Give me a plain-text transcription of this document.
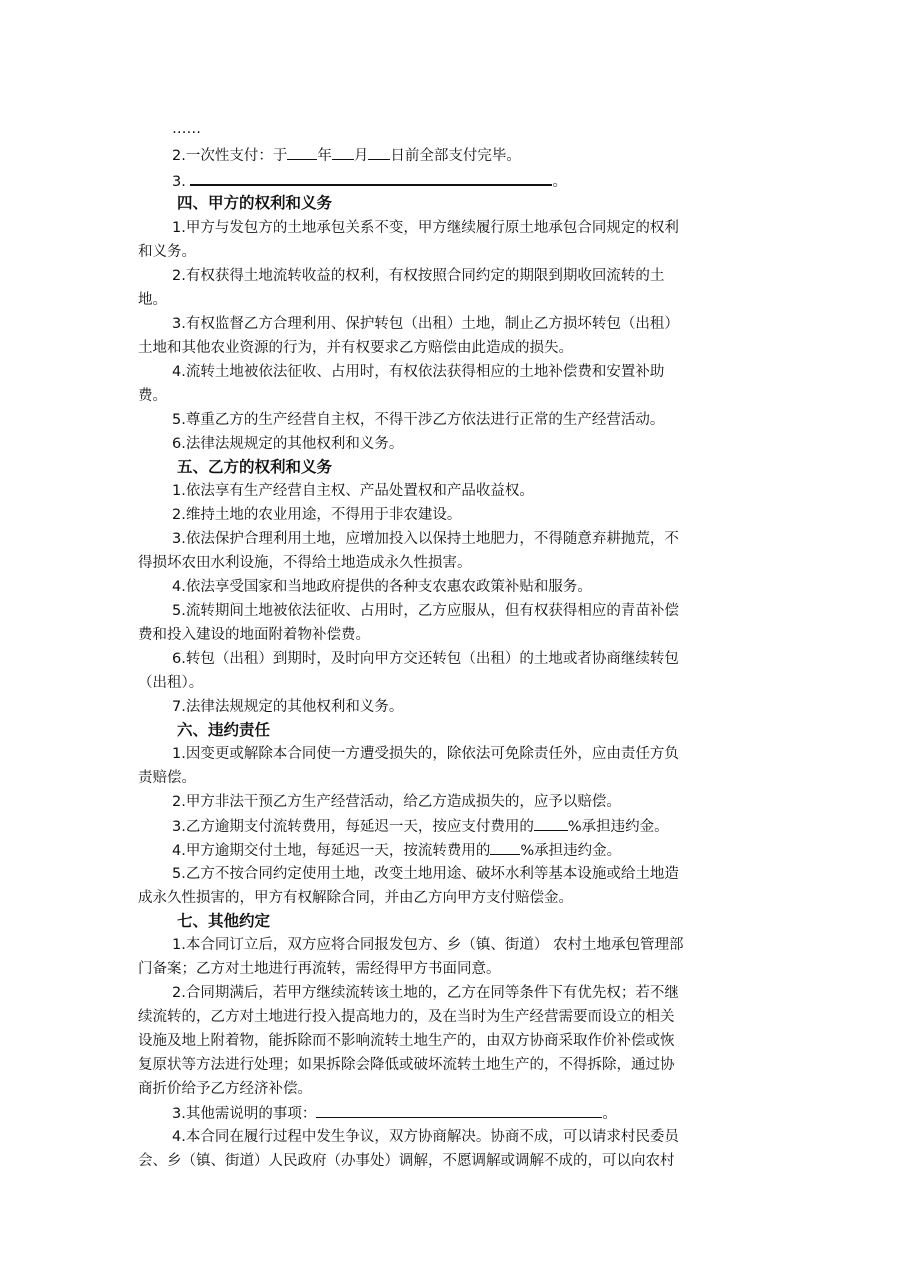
……
2.一次性支付：于 年 月 日前全部支付完毕。
3.	。
四、甲方的权利和义务
1.甲方与发包方的土地承包关系不变，甲方继续履行原土地承包合同规定的权利
和义务。
2.有权获得土地流转收益的权利，有权按照合同约定的期限到期收回流转的土
地。
3.有权监督乙方合理利用、保护转包（出租）土地，制止乙方损坏转包（出租）
土地和其他农业资源的行为，并有权要求乙方赔偿由此造成的损失。
4.流转土地被依法征收、占用时，有权依法获得相应的土地补偿费和安置补助
费。
5.尊重乙方的生产经营自主权，不得干涉乙方依法进行正常的生产经营活动。
6.法律法规规定的其他权利和义务。
五、乙方的权利和义务
1.依法享有生产经营自主权、产品处置权和产品收益权。
2.维持土地的农业用途，不得用于非农建设。
3.依法保护合理利用土地，应增加投入以保持土地肥力，不得随意弃耕抛荒，不
得损坏农田水利设施，不得给土地造成永久性损害。
4.依法享受国家和当地政府提供的各种支农惠农政策补贴和服务。
5.流转期间土地被依法征收、占用时，乙方应服从，但有权获得相应的青苗补偿
费和投入建设的地面附着物补偿费。
6.转包（出租）到期时，及时向甲方交还转包（出租）的土地或者协商继续转包
（出租）。
7.法律法规规定的其他权利和义务。
六、违约责任
1.因变更或解除本合同使一方遭受损失的，除依法可免除责任外，应由责任方负
责赔偿。
2.甲方非法干预乙方生产经营活动，给乙方造成损失的，应予以赔偿。
3.乙方逾期支付流转费用，每延迟一天，按应支付费用的 %承担违约金。
4.甲方逾期交付土地，每延迟一天，按流转费用的 %承担违约金。
5.乙方不按合同约定使用土地，改变土地用途、破坏水利等基本设施或给土地造
成永久性损害的，甲方有权解除合同，并由乙方向甲方支付赔偿金。
七、其他约定
1.本合同订立后，双方应将合同报发包方、乡（镇、街道） 农村土地承包管理部
门备案；乙方对土地进行再流转，需经得甲方书面同意。
2.合同期满后，若甲方继续流转该土地的，乙方在同等条件下有优先权；若不继
续流转的，乙方对土地进行投入提高地力的，及在当时为生产经营需要而设立的相关
设施及地上附着物，能拆除而不影响流转土地生产的，由双方协商采取作价补偿或恢
复原状等方法进行处理；如果拆除会降低或破坏流转土地生产的，不得拆除，通过协
商折价给予乙方经济补偿。
3.其他需说明的事项：	。
4.本合同在履行过程中发生争议，双方协商解决。协商不成，可以请求村民委员
会、乡（镇、街道）人民政府（办事处）调解，不愿调解或调解不成的，可以向农村
